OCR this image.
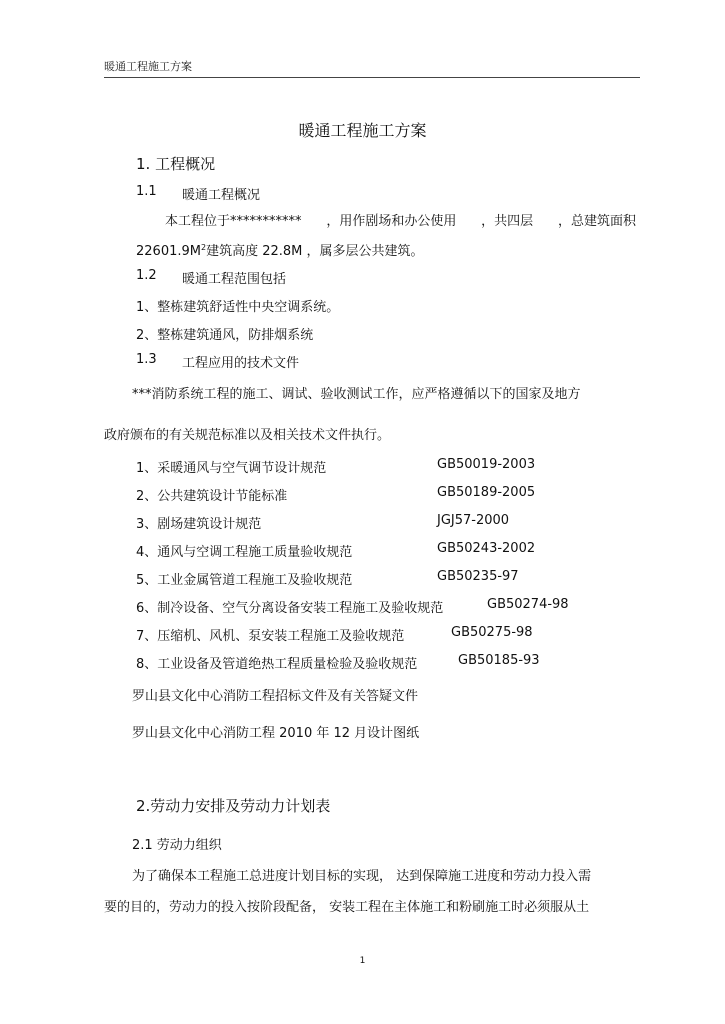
暖通工程施工方案
暖通工程施工方案
1. 工程概况
1.1 暖通工程概况
本工程位于*********** ，用作剧场和办公使用 ，共四层 ，总建筑面积
$22601.9M^2$建筑高度 22.8M ，属多层公共建筑。
1.2 暖通工程范围包括
1、整栋建筑舒适性中央空调系统。
2、整栋建筑通风，防排烟系统
1.3 工程应用的技术文件
***消防系统工程的施工、调试、验收测试工作，应严格遵循以下的国家及地方
政府颁布的有关规范标准以及相关技术文件执行。
1、采暖通风与空气调节设计规范	GB50019-2003
2、公共建筑设计节能标准	GB50189-2005
3、剧场建筑设计规范	JGJ57-2000
4、通风与空调工程施工质量验收规范	GB50243-2002
5、工业金属管道工程施工及验收规范	GB50235-97
6、制冷设备、空气分离设备安装工程施工及验收规范	GB50274-98
7、压缩机、风机、泵安装工程施工及验收规范	GB50275-98
8、工业设备及管道绝热工程质量检验及验收规范	GB50185-93
罗山县文化中心消防工程招标文件及有关答疑文件
罗山县文化中心消防工程 2010 年 12 月设计图纸
2.劳动力安排及劳动力计划表
2.1 劳动力组织
为了确保本工程施工总进度计划目标的实现， 达到保障施工进度和劳动力投入需
要的目的，劳动力的投入按阶段配备， 安装工程在主体施工和粉刷施工时必须服从土
1
